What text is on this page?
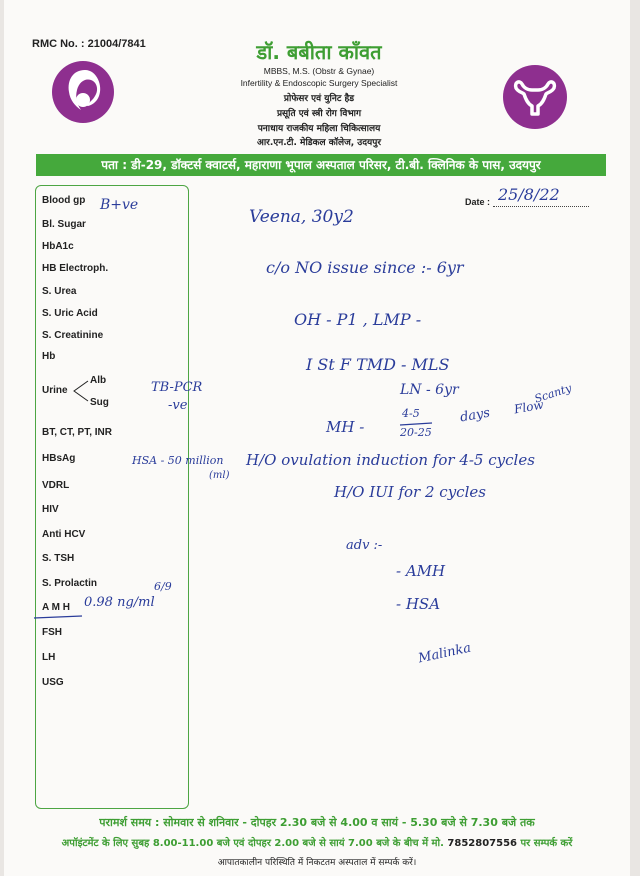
RMC No. : 21004/7841	डॉ. बबीता काँवत
MBBS, M.S. (Obstr & Gynae)
Infertility & Endoscopic Surgery Specialist
प्रोफेसर एवं युनिट हैड
प्रसूति एवं स्त्री रोग विभाग
पनाधाय राजकीय महिला चिकित्सालय
आर.एन.टी. मेडिकल कॉलेज, उदयपुर
पता : डी-29, डॉक्टर्स क्वाटर्स, महाराणा भूपाल अस्पताल परिसर, टी.बी. क्लिनिक के पास, उदयपुर
Blood gp
Bl. Sugar
HbA1c
HB Electroph.
S. Urea
S. Uric Acid
S. Creatinine
Hb
Urine
Alb
Sug
BT, CT, PT, INR
HBsAg
VDRL
HIV
Anti HCV
S. TSH
S. Prolactin
A M H
FSH
LH
USG
Date : 25/8/22
B+ve
Veena, 30y2
c/o NO issue since :- 6yr
OH - P1 , LMP -
I St F TMD - MLS
LN - 6yr	Scanty
MH -
4-5
20-25
days Flow
TB-PCR
-ve
HSA - 50 million
(ml)
H/O ovulation induction for 4-5 cycles
H/O IUI for 2 cycles
adv :-
- AMH
- HSA
Malinka
0.98 ng/ml
6/9
परामर्श समय : सोमवार से शनिवार - दोपहर 2.30 बजे से 4.00 व सायं - 5.30 बजे से 7.30 बजे तक
अपॉइंटमेंट के लिए सुबह 8.00-11.00 बजे एवं दोपहर 2.00 बजे से सायं 7.00 बजे के बीच में मो. 7852807556 पर सम्पर्क करें
आपातकालीन परिस्थिति में निकटतम अस्पताल में सम्पर्क करें।
